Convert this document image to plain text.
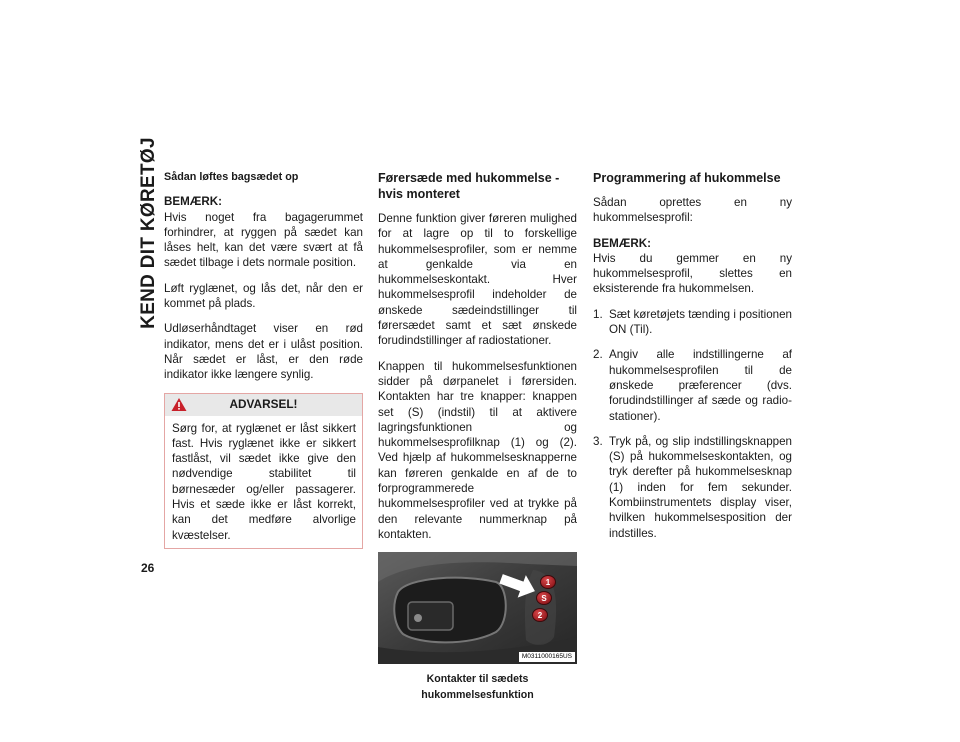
KEND DIT KØRETØJ
26
Sådan løftes bagsædet op
BEMÆRK:

Hvis noget fra bagagerummet forhindrer, at ryggen på sædet kan låses helt, kan det være svært at få sædet tilbage i dets normale position.

Løft ryglænet, og lås det, når den er kommet på plads.

Udløserhåndtaget viser en rød indikator, mens det er i ulåst position. Når sædet er låst, er den røde indikator ikke længere synlig.

ADVARSEL!
Sørg for, at ryglænet er låst sikkert fast. Hvis ryglænet ikke er sikkert fastlåst, vil sædet ikke give den nødvendige stabilitet til børnesæder og/eller passagerer. Hvis et sæde ikke er låst korrekt, kan det medføre alvorlige kvæstelser.
Førersæde med hukommelse - hvis monteret

Denne funktion giver føreren mulighed for at lagre op til to forskellige hukommelsesprofiler, som er nemme at genkalde via en hukommelseskontakt. Hver hukommelsesprofil indeholder de ønskede sædeindstillinger til førersædet samt et sæt ønskede forudindstillinger af radiostationer.

Knappen til hukommelsesfunktionen sidder på dørpanelet i førersiden. Kontakten har tre knapper: knappen set (S) (indstil) til at aktivere lagringsfunktionen og hukommelsesprofilknap (1) og (2). Ved hjælp af hukommelsesknapperne kan føreren genkalde en af de to forprogrammerede hukommelsesprofiler ved at trykke på den relevante nummerknap på kontakten.

1
S
2
M0311000165US
Kontakter til sædets hukommelsesfunktion
Programmering af hukommelse

Sådan oprettes en ny hukommelsesprofil:

BEMÆRK:

Hvis du gemmer en ny hukommelsesprofil, slettes en eksisterende fra hukommelsen.

1. Sæt køretøjets tænding i positionen ON (Til).
2. Angiv alle indstillingerne af hukommelsesprofilen til de ønskede præferencer (dvs. forudindstillinger af sæde og radiostationer).
3. Tryk på, og slip indstillingsknappen (S) på hukommelseskontakten, og tryk derefter på hukommelsesknap (1) inden for fem sekunder. Kombiinstrumentets display viser, hvilken hukommelsesposition der indstilles.
